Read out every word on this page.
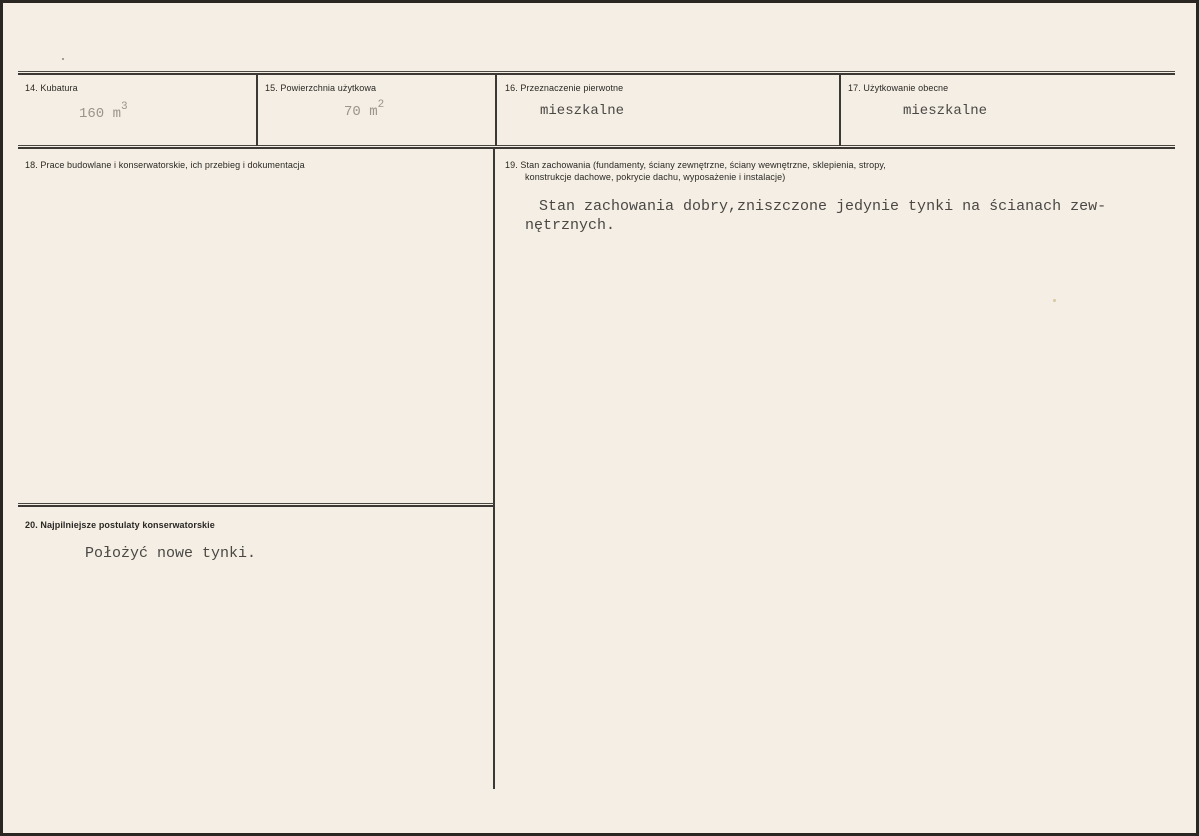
14. Kubatura
160 $m^3$
15. Powierzchnia użytkowa
70 $m^2$
16. Przeznaczenie pierwotne
mieszkalne
17. Użytkowanie obecne
mieszkalne
18. Prace budowlane i konserwatorskie, ich przebieg i dokumentacja	19. Stan zachowania (fundamenty, ściany zewnętrzne, ściany wewnętrzne, sklepienia, stropy,
konstrukcje dachowe, pokrycie dachu, wyposażenie i instalacje)
Stan zachowania dobry,zniszczone jedynie tynki na ścianach zew-
nętrznych.
20. Najpilniejsze postulaty konserwatorskie
Położyć nowe tynki.
